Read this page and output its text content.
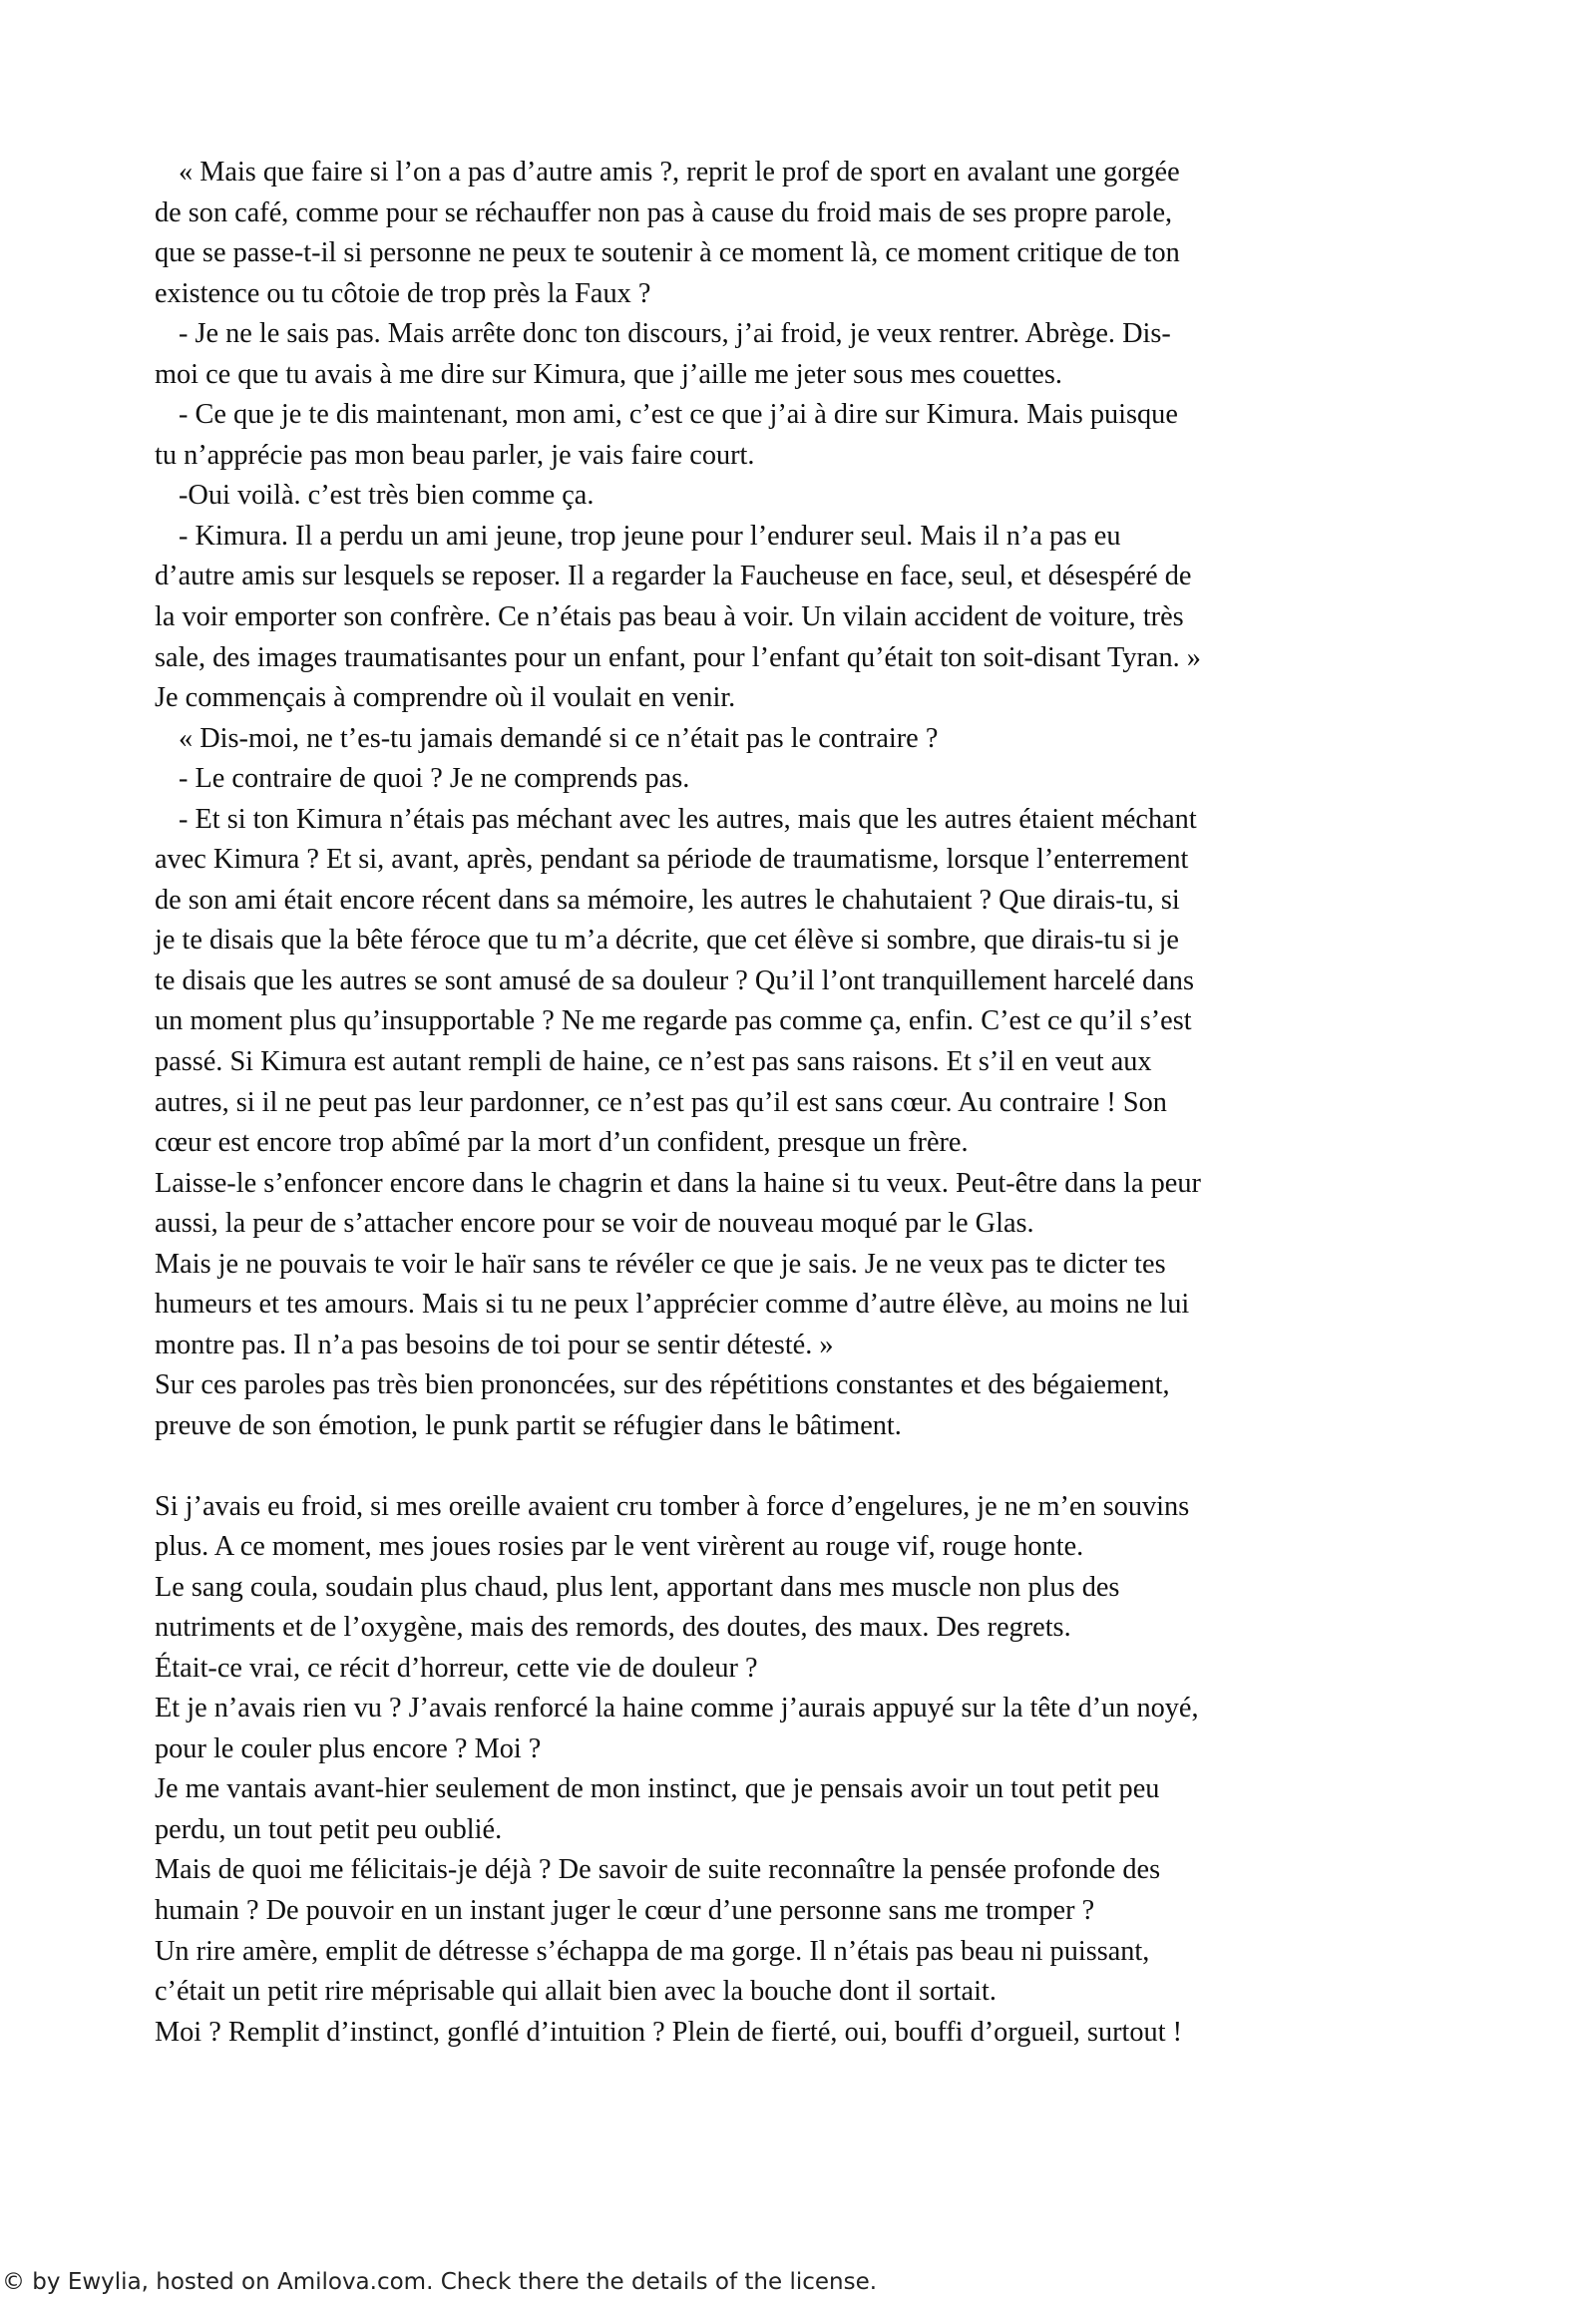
« Mais que faire si l’on a pas d’autre amis ?, reprit le prof de sport en avalant une gorgée
de son café, comme pour se réchauffer non pas à cause du froid mais de ses propre parole,
que se passe-t-il si personne ne peux te soutenir à ce moment là, ce moment critique de ton
existence ou tu côtoie de trop près la Faux ?
- Je ne le sais pas. Mais arrête donc ton discours, j’ai froid, je veux rentrer. Abrège. Dis-
moi ce que tu avais à me dire sur Kimura, que j’aille me jeter sous mes couettes.
- Ce que je te dis maintenant, mon ami, c’est ce que j’ai à dire sur Kimura. Mais puisque
tu n’apprécie pas mon beau parler, je vais faire court.
-Oui voilà. c’est très bien comme ça.
- Kimura. Il a perdu un ami jeune, trop jeune pour l’endurer seul. Mais il n’a pas eu
d’autre amis sur lesquels se reposer. Il a regarder la Faucheuse en face, seul, et désespéré de
la voir emporter son confrère. Ce n’étais pas beau à voir. Un vilain accident de voiture, très
sale, des images traumatisantes pour un enfant, pour l’enfant qu’était ton soit-disant Tyran. »
Je commençais à comprendre où il voulait en venir.
« Dis-moi, ne t’es-tu jamais demandé si ce n’était pas le contraire ?
- Le contraire de quoi ? Je ne comprends pas.
- Et si ton Kimura n’étais pas méchant avec les autres, mais que les autres étaient méchant
avec Kimura ? Et si, avant, après, pendant sa période de traumatisme, lorsque l’enterrement
de son ami était encore récent dans sa mémoire, les autres le chahutaient ? Que dirais-tu, si
je te disais que la bête féroce que tu m’a décrite, que cet élève si sombre, que dirais-tu si je
te disais que les autres se sont amusé de sa douleur ? Qu’il l’ont tranquillement harcelé dans
un moment plus qu’insupportable ? Ne me regarde pas comme ça, enfin. C’est ce qu’il s’est
passé. Si Kimura est autant rempli de haine, ce n’est pas sans raisons. Et s’il en veut aux
autres, si il ne peut pas leur pardonner, ce n’est pas qu’il est sans cœur. Au contraire ! Son
cœur est encore trop abîmé par la mort d’un confident, presque un frère.
Laisse-le s’enfoncer encore dans le chagrin et dans la haine si tu veux. Peut-être dans la peur
aussi, la peur de s’attacher encore pour se voir de nouveau moqué par le Glas.
Mais je ne pouvais te voir le haïr sans te révéler ce que je sais. Je ne veux pas te dicter tes
humeurs et tes amours. Mais si tu ne peux l’apprécier comme d’autre élève, au moins ne lui
montre pas. Il n’a pas besoins de toi pour se sentir détesté. »
Sur ces paroles pas très bien prononcées, sur des répétitions constantes et des bégaiement,
preuve de son émotion, le punk partit se réfugier dans le bâtiment.
Si j’avais eu froid, si mes oreille avaient cru tomber à force d’engelures, je ne m’en souvins
plus. A ce moment, mes joues rosies par le vent virèrent au rouge vif, rouge honte.
Le sang coula, soudain plus chaud, plus lent, apportant dans mes muscle non plus des
nutriments et de l’oxygène, mais des remords, des doutes, des maux. Des regrets.
Était-ce vrai, ce récit d’horreur, cette vie de douleur ?
Et je n’avais rien vu ? J’avais renforcé la haine comme j’aurais appuyé sur la tête d’un noyé,
pour le couler plus encore ? Moi ?
Je me vantais avant-hier seulement de mon instinct, que je pensais avoir un tout petit peu
perdu, un tout petit peu oublié.
Mais de quoi me félicitais-je déjà ? De savoir de suite reconnaître la pensée profonde des
humain ? De pouvoir en un instant juger le cœur d’une personne sans me tromper ?
Un rire amère, emplit de détresse s’échappa de ma gorge. Il n’étais pas beau ni puissant,
c’était un petit rire méprisable qui allait bien avec la bouche dont il sortait.
Moi ? Remplit d’instinct, gonflé d’intuition ? Plein de fierté, oui, bouffi d’orgueil, surtout !
© by Ewylia, hosted on Amilova.com. Check there the details of the license.
